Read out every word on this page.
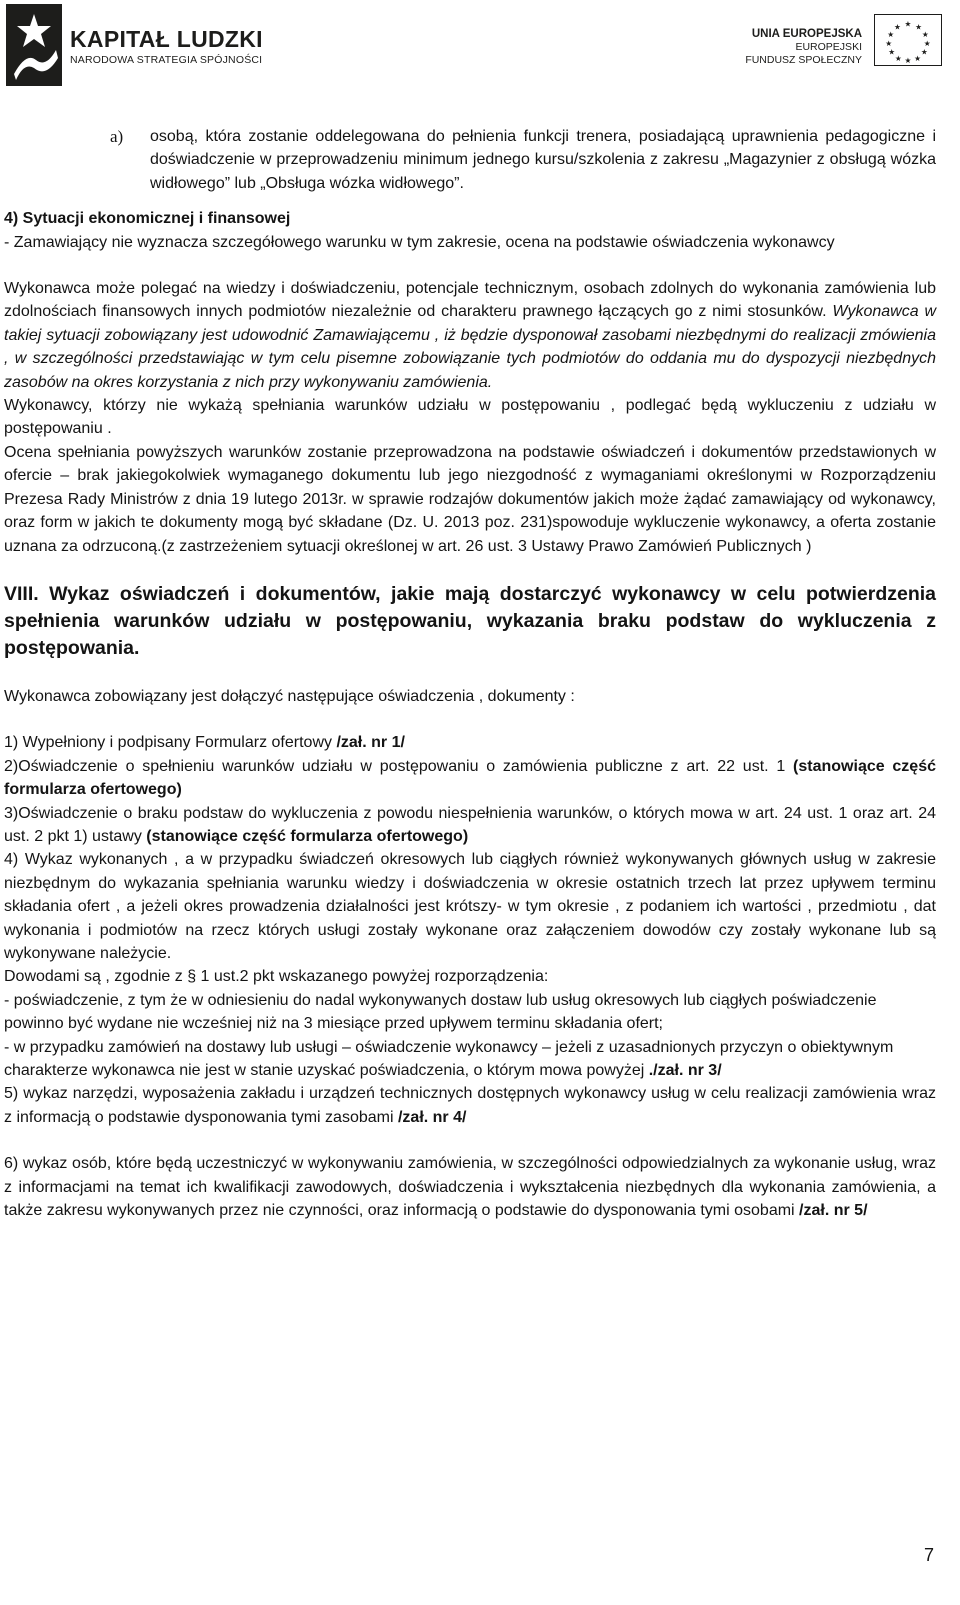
KAPITAŁ LUDZKI
NARODOWA STRATEGIA SPÓJNOŚCI
UNIA EUROPEJSKA
EUROPEJSKI
FUNDUSZ SPOŁECZNY
★ ★
★
★
★
★
★
★
★
★
★
★
a)	osobą, która zostanie oddelegowana do pełnienia funkcji trenera, posiadającą uprawnienia pedagogiczne i doświadczenie w przeprowadzeniu minimum jednego kursu/szkolenia z zakresu „Magazynier z obsługą wózka widłowego” lub „Obsługa wózka widłowego”.

4) Sytuacji ekonomicznej i finansowej

- Zamawiający nie wyznacza szczegółowego warunku w tym zakresie, ocena na podstawie oświadczenia wykonawcy

Wykonawca może polegać na wiedzy i doświadczeniu, potencjale technicznym, osobach zdolnych do wykonania zamówienia lub zdolnościach finansowych innych podmiotów niezależnie od charakteru prawnego łączących go z nimi stosunków. Wykonawca w takiej sytuacji zobowiązany jest udowodnić Zamawiającemu , iż będzie dysponował zasobami niezbędnymi do realizacji zmówienia , w szczególności przedstawiając w tym celu pisemne zobowiązanie tych podmiotów do oddania mu do dyspozycji niezbędnych zasobów na okres korzystania z nich przy wykonywaniu zamówienia.

Wykonawcy, którzy nie wykażą spełniania warunków udziału w postępowaniu , podlegać będą wykluczeniu z udziału w postępowaniu .

Ocena spełniania powyższych warunków zostanie przeprowadzona na podstawie oświadczeń i dokumentów przedstawionych w ofercie – brak jakiegokolwiek wymaganego dokumentu lub jego niezgodność z wymaganiami określonymi w Rozporządzeniu Prezesa Rady Ministrów z dnia 19 lutego 2013r. w sprawie rodzajów dokumentów jakich może żądać zamawiający od wykonawcy, oraz form w jakich te dokumenty mogą być składane (Dz. U. 2013 poz. 231)spowoduje wykluczenie wykonawcy, a oferta zostanie uznana za odrzuconą.(z zastrzeżeniem sytuacji określonej w art. 26 ust. 3 Ustawy Prawo Zamówień Publicznych )

VIII. Wykaz oświadczeń i dokumentów, jakie mają dostarczyć wykonawcy w celu potwierdzenia spełnienia warunków udziału w postępowaniu, wykazania braku podstaw do wykluczenia z postępowania.

Wykonawca zobowiązany jest dołączyć następujące oświadczenia , dokumenty :

1) Wypełniony i podpisany Formularz ofertowy /zał. nr 1/

2)Oświadczenie o spełnieniu warunków udziału w postępowaniu o zamówienia publiczne z art. 22 ust. 1 (stanowiące część formularza ofertowego)

3)Oświadczenie o braku podstaw do wykluczenia z powodu niespełnienia warunków, o których mowa w art. 24 ust. 1 oraz art. 24 ust. 2 pkt 1) ustawy (stanowiące część formularza ofertowego)

4) Wykaz wykonanych , a w przypadku świadczeń okresowych lub ciągłych również wykonywanych głównych usług w zakresie niezbędnym do wykazania spełniania warunku wiedzy i doświadczenia w okresie ostatnich trzech lat przez upływem terminu składania ofert , a jeżeli okres prowadzenia działalności jest krótszy- w tym okresie , z podaniem ich wartości , przedmiotu , dat wykonania i podmiotów na rzecz których usługi zostały wykonane oraz załączeniem dowodów czy zostały wykonane lub są wykonywane należycie.

Dowodami są , zgodnie z § 1 ust.2 pkt wskazanego powyżej rozporządzenia:

- poświadczenie, z tym że w odniesieniu do nadal wykonywanych dostaw lub usług okresowych lub ciągłych poświadczenie powinno być wydane nie wcześniej niż na 3 miesiące przed upływem terminu składania ofert;

- w przypadku zamówień na dostawy lub usługi – oświadczenie wykonawcy – jeżeli z uzasadnionych przyczyn o obiektywnym charakterze wykonawca nie jest w stanie uzyskać poświadczenia, o którym mowa powyżej ./zał. nr 3/

5) wykaz narzędzi, wyposażenia zakładu i urządzeń technicznych dostępnych wykonawcy usług w celu realizacji zamówienia wraz z informacją o podstawie dysponowania tymi zasobami /zał. nr 4/

6) wykaz osób, które będą uczestniczyć w wykonywaniu zamówienia, w szczególności odpowiedzialnych za wykonanie usług, wraz z informacjami na temat ich kwalifikacji zawodowych, doświadczenia i wykształcenia niezbędnych dla wykonania zamówienia, a także zakresu wykonywanych przez nie czynności, oraz informacją o podstawie do dysponowania tymi osobami /zał. nr 5/

7
